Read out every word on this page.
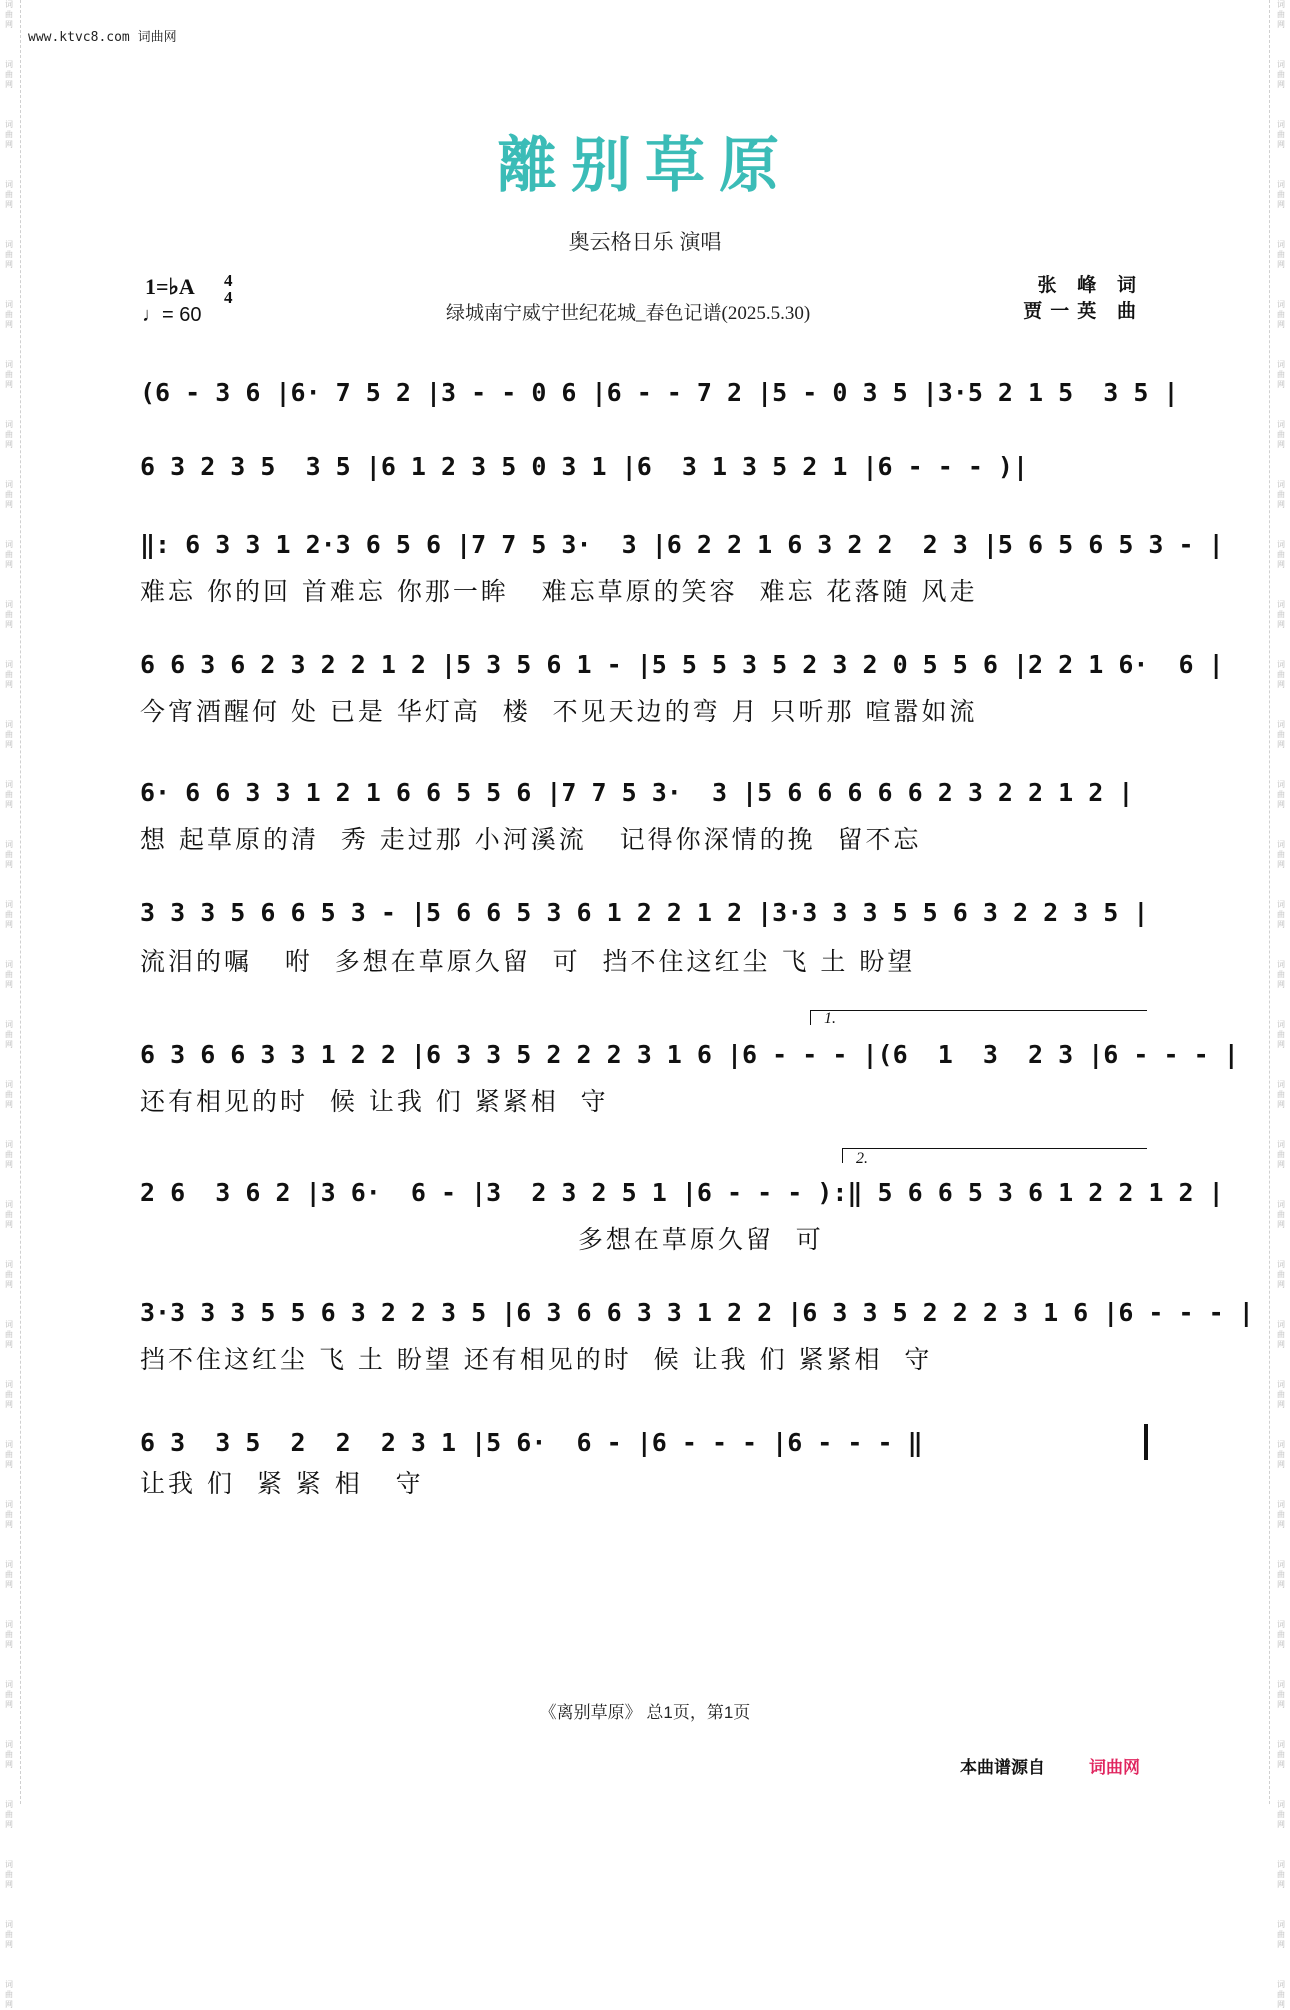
词曲网
词曲网
词曲网
词曲网
词曲网
词曲网
词曲网
词曲网
词曲网
词曲网
词曲网
词曲网
词曲网
词曲网
词曲网
词曲网
词曲网
词曲网
词曲网
词曲网
词曲网
词曲网
词曲网
词曲网
词曲网
词曲网
词曲网
词曲网
词曲网
词曲网
词曲网
词曲网
词曲网
词曲网
词曲网
词曲网
词曲网
词曲网
词曲网
词曲网
词曲网
词曲网
词曲网
词曲网
词曲网
词曲网
词曲网
词曲网
词曲网
词曲网
词曲网
词曲网
词曲网
词曲网
词曲网
词曲网
词曲网
词曲网
词曲网
词曲网
词曲网
词曲网
词曲网
词曲网
词曲网
词曲网
词曲网
词曲网
www.ktvc8.com 词曲网
離别草原
奥云格日乐 演唱
1=♭A 4
4
♩= 60	绿城南宁威宁世纪花城_春色记谱(2025.5.30)
张 峰 词
贾一英 曲
(6 - 3 6 |6· 7 5 2 |3 - - 0 6 |6 - - 7 2 |5 - 0 3 5 |3·5 2 1 5  3 5 |
6 3 2 3 5  3 5 |6 1 2 3 5 0 3 1 |6  3 1 3 5 2 1 |6 - - - )|
‖: 6 3 3 1 2·3 6 5 6 |7 7 5 3·  3 |6 2 2 1 6 3 2 2  2 3 |5 6 5 6 5 3 - |
难忘 你的回 首难忘 你那一眸   难忘草原的笑容  难忘 花落随 风走
6 6 3 6 2 3 2 2 1 2 |5 3 5 6 1 - |5 5 5 3 5 2 3 2 0 5 5 6 |2 2 1 6·  6 |
今宵酒醒何 处 已是 华灯高  楼  不见天边的弯 月 只听那 喧嚣如流
6· 6 6 3 3 1 2 1 6 6 5 5 6 |7 7 5 3·  3 |5 6 6 6 6 6 2 3 2 2 1 2 |
想 起草原的清  秀 走过那 小河溪流   记得你深情的挽  留不忘
3 3 3 5 6 6 5 3 - |5 6 6 5 3 6 1 2 2 1 2 |3·3 3 3 5 5 6 3 2 2 3 5 |
流泪的嘱   咐  多想在草原久留  可  挡不住这红尘 飞 土 盼望
1.
6 3 6 6 3 3 1 2 2 |6 3 3 5 2 2 2 3 1 6 |6 - - - |(6  1  3  2 3 |6 - - - |
还有相见的时  候 让我 们 紧紧相  守
2.
2 6  3 6 2 |3 6·  6 - |3  2 3 2 5 1 |6 - - - ):‖ 5 6 6 5 3 6 1 2 2 1 2 |
多想在草原久留  可
3·3 3 3 5 5 6 3 2 2 3 5 |6 3 6 6 3 3 1 2 2 |6 3 3 5 2 2 2 3 1 6 |6 - - - |
挡不住这红尘 飞 土 盼望 还有相见的时  候 让我 们 紧紧相  守
6 3  3 5  2  2  2 3 1 |5 6·  6 - |6 - - - |6 - - - ‖
让我 们  紧 紧 相   守
《离别草原》 总1页，第1页
本曲谱源自	词曲网
